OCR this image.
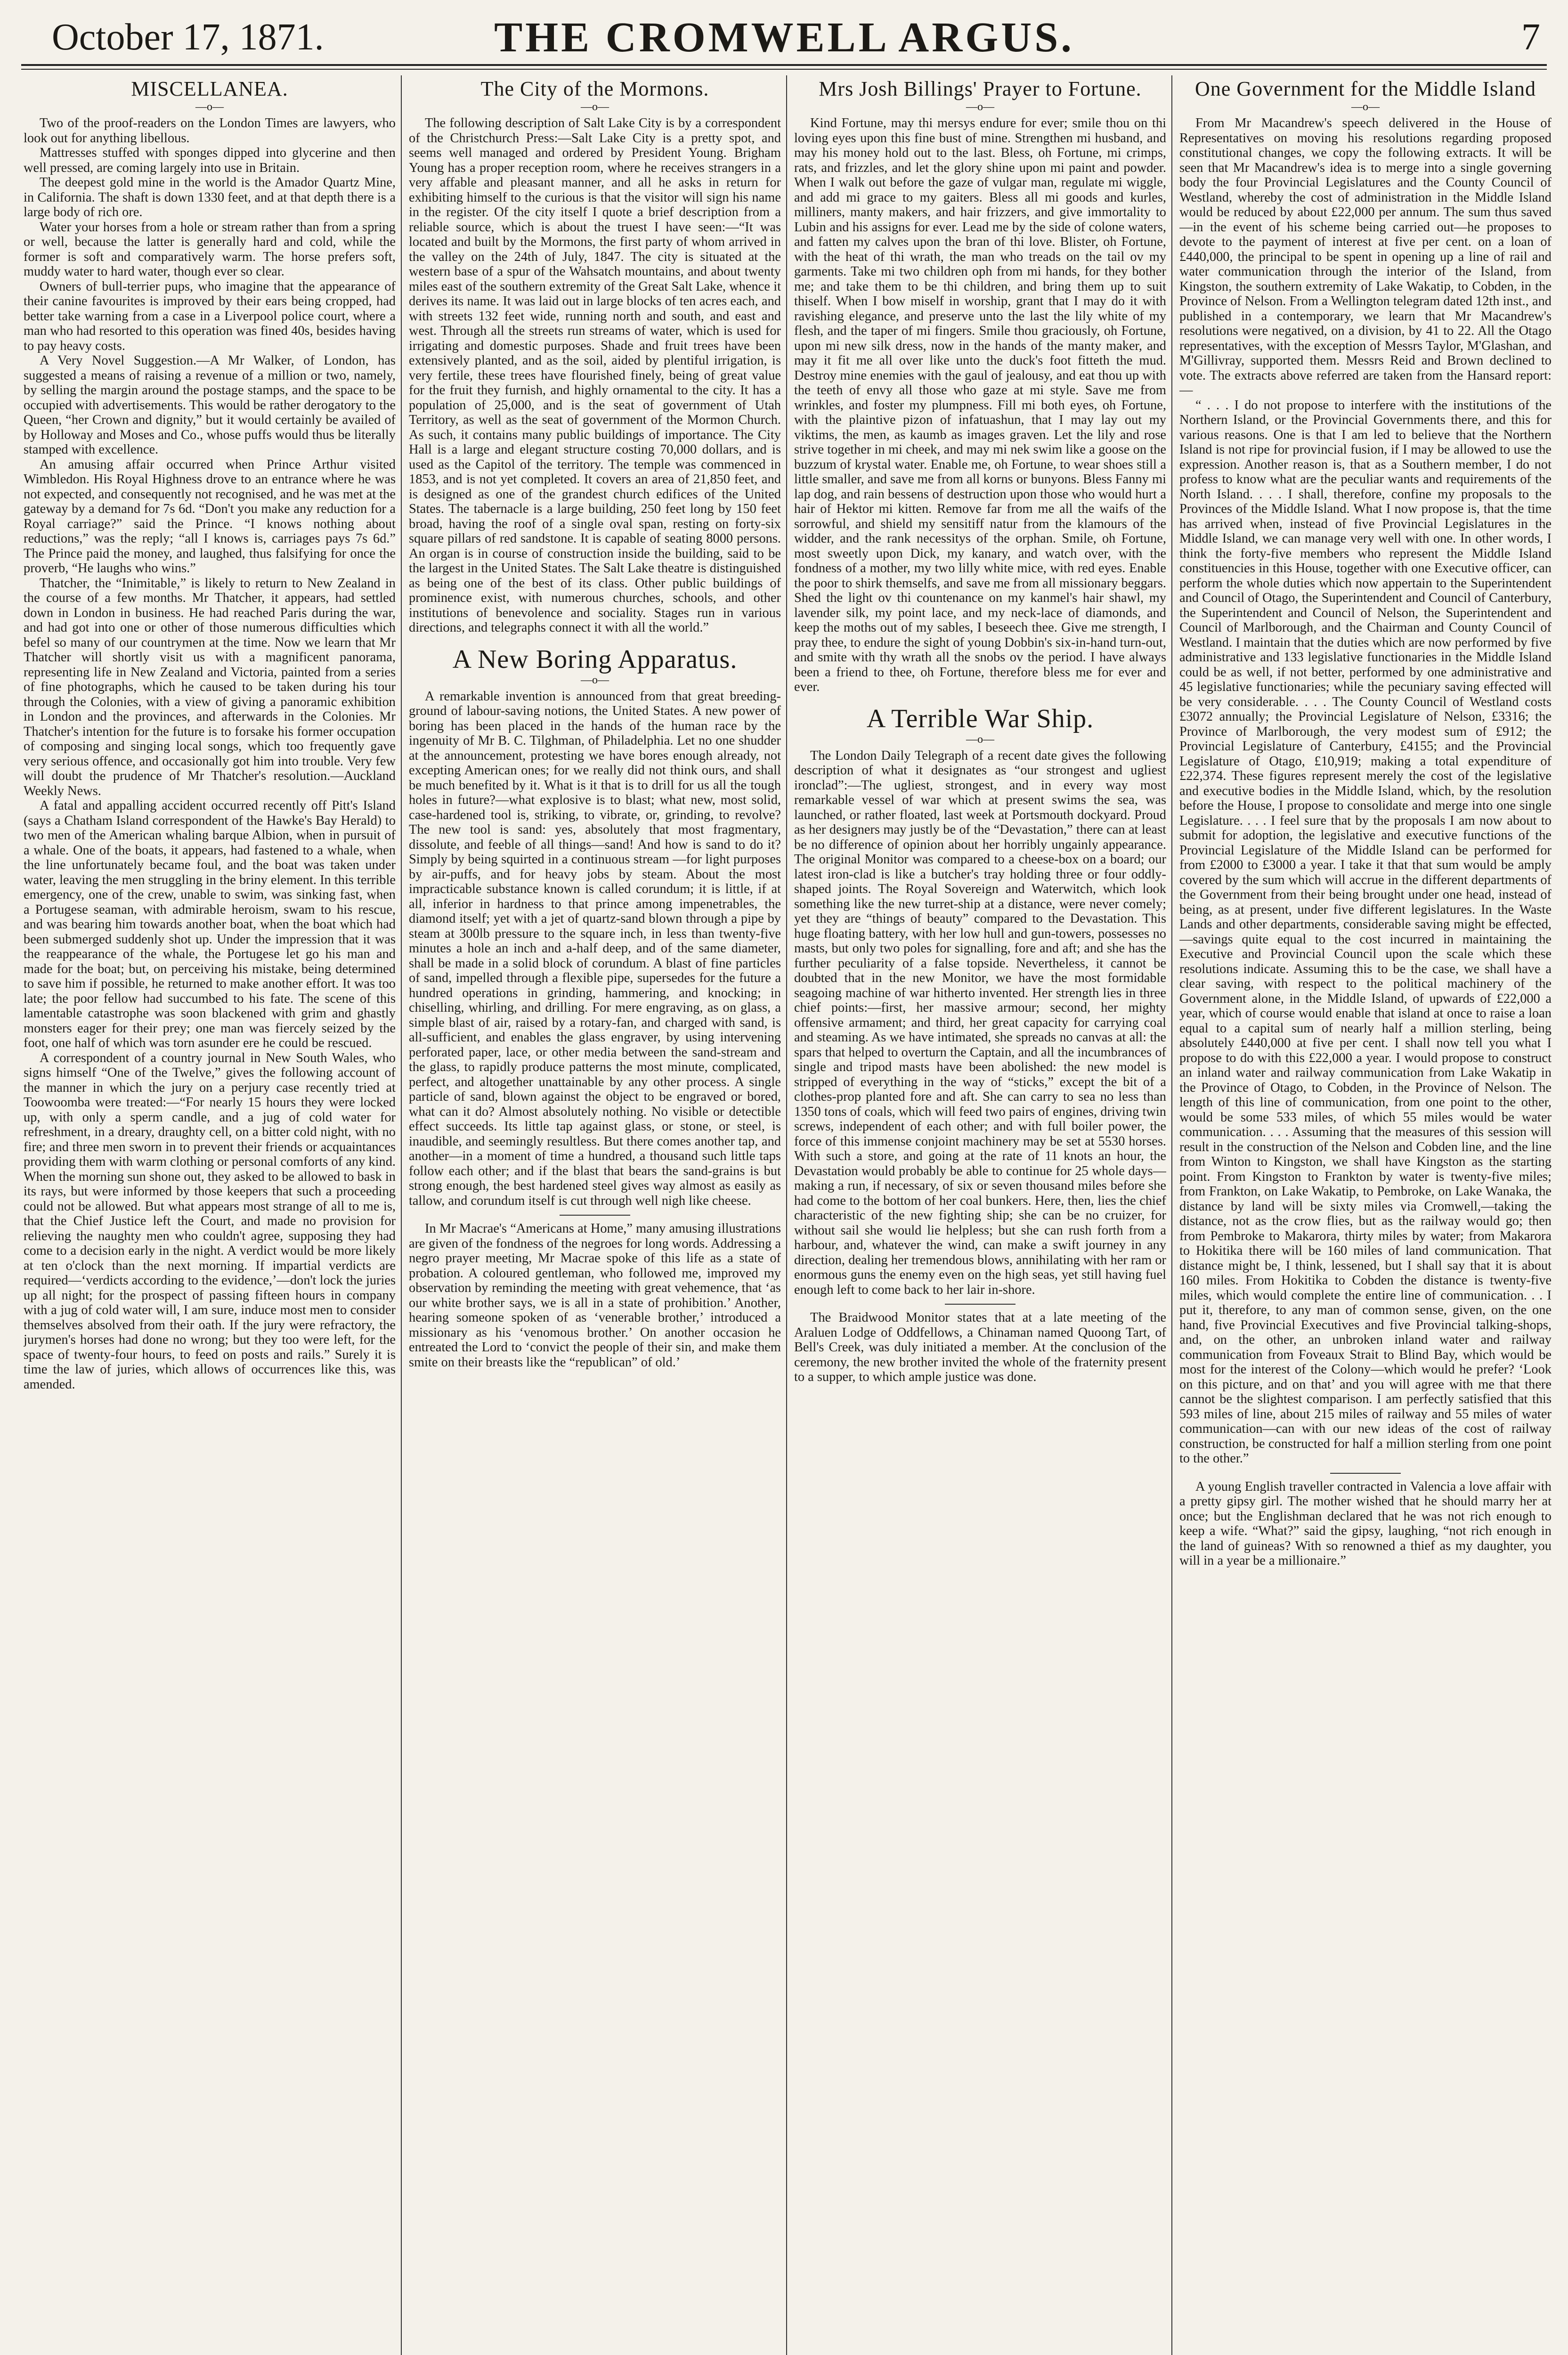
October 17, 1871.	THE CROMWELL ARGUS.	7
MISCELLANEA.
—o—

Two of the proof-readers on the London Times are lawyers, who look out for anything libellous.

Mattresses stuffed with sponges dipped into glycerine and then well pressed, are coming largely into use in Britain.

The deepest gold mine in the world is the Amador Quartz Mine, in California. The shaft is down 1330 feet, and at that depth there is a large body of rich ore.

Water your horses from a hole or stream rather than from a spring or well, because the latter is generally hard and cold, while the former is soft and comparatively warm. The horse prefers soft, muddy water to hard water, though ever so clear.

Owners of bull-terrier pups, who imagine that the appearance of their canine favourites is improved by their ears being cropped, had better take warning from a case in a Liverpool police court, where a man who had resorted to this operation was fined 40s, besides having to pay heavy costs.

A Very Novel Suggestion.—A Mr Walker, of London, has suggested a means of raising a revenue of a million or two, namely, by selling the margin around the postage stamps, and the space to be occupied with advertisements. This would be rather derogatory to the Queen, “her Crown and dignity,” but it would certainly be availed of by Holloway and Moses and Co., whose puffs would thus be literally stamped with excellence.

An amusing affair occurred when Prince Arthur visited Wimbledon. His Royal Highness drove to an entrance where he was not expected, and consequently not recognised, and he was met at the gateway by a demand for 7s 6d. “Don't you make any reduction for a Royal carriage?” said the Prince. “I knows nothing about reductions,” was the reply; “all I knows is, carriages pays 7s 6d.” The Prince paid the money, and laughed, thus falsifying for once the proverb, “He laughs who wins.”

Thatcher, the “Inimitable,” is likely to return to New Zealand in the course of a few months. Mr Thatcher, it appears, had settled down in London in business. He had reached Paris during the war, and had got into one or other of those numerous difficulties which befel so many of our countrymen at the time. Now we learn that Mr Thatcher will shortly visit us with a magnificent panorama, representing life in New Zealand and Victoria, painted from a series of fine photographs, which he caused to be taken during his tour through the Colonies, with a view of giving a panoramic exhibition in London and the provinces, and afterwards in the Colonies. Mr Thatcher's intention for the future is to forsake his former occupation of composing and singing local songs, which too frequently gave very serious offence, and occasionally got him into trouble. Very few will doubt the prudence of Mr Thatcher's resolution.—Auckland Weekly News.

A fatal and appalling accident occurred recently off Pitt's Island (says a Chatham Island correspondent of the Hawke's Bay Herald) to two men of the American whaling barque Albion, when in pursuit of a whale. One of the boats, it appears, had fastened to a whale, when the line unfortunately became foul, and the boat was taken under water, leaving the men struggling in the briny element. In this terrible emergency, one of the crew, unable to swim, was sinking fast, when a Portugese seaman, with admirable heroism, swam to his rescue, and was bearing him towards another boat, when the boat which had been submerged suddenly shot up. Under the impression that it was the reappearance of the whale, the Portugese let go his man and made for the boat; but, on perceiving his mistake, being determined to save him if possible, he returned to make another effort. It was too late; the poor fellow had succumbed to his fate. The scene of this lamentable catastrophe was soon blackened with grim and ghastly monsters eager for their prey; one man was fiercely seized by the foot, one half of which was torn asunder ere he could be rescued.

A correspondent of a country journal in New South Wales, who signs himself “One of the Twelve,” gives the following account of the manner in which the jury on a perjury case recently tried at Toowoomba were treated:—“For nearly 15 hours they were locked up, with only a sperm candle, and a jug of cold water for refreshment, in a dreary, draughty cell, on a bitter cold night, with no fire; and three men sworn in to prevent their friends or acquaintances providing them with warm clothing or personal comforts of any kind. When the morning sun shone out, they asked to be allowed to bask in its rays, but were informed by those keepers that such a proceeding could not be allowed. But what appears most strange of all to me is, that the Chief Justice left the Court, and made no provision for relieving the naughty men who couldn't agree, supposing they had come to a decision early in the night. A verdict would be more likely at ten o'clock than the next morning. If impartial verdicts are required—‘verdicts according to the evidence,’—don't lock the juries up all night; for the prospect of passing fifteen hours in company with a jug of cold water will, I am sure, induce most men to consider themselves absolved from their oath. If the jury were refractory, the jurymen's horses had done no wrong; but they too were left, for the space of twenty-four hours, to feed on posts and rails.” Surely it is time the law of juries, which allows of occurrences like this, was amended.

The City of the Mormons.
—o—

The following description of Salt Lake City is by a correspondent of the Christchurch Press:—Salt Lake City is a pretty spot, and seems well managed and ordered by President Young. Brigham Young has a proper reception room, where he receives strangers in a very affable and pleasant manner, and all he asks in return for exhibiting himself to the curious is that the visitor will sign his name in the register. Of the city itself I quote a brief description from a reliable source, which is about the truest I have seen:—“It was located and built by the Mormons, the first party of whom arrived in the valley on the 24th of July, 1847. The city is situated at the western base of a spur of the Wahsatch mountains, and about twenty miles east of the southern extremity of the Great Salt Lake, whence it derives its name. It was laid out in large blocks of ten acres each, and with streets 132 feet wide, running north and south, and east and west. Through all the streets run streams of water, which is used for irrigating and domestic purposes. Shade and fruit trees have been extensively planted, and as the soil, aided by plentiful irrigation, is very fertile, these trees have flourished finely, being of great value for the fruit they furnish, and highly ornamental to the city. It has a population of 25,000, and is the seat of government of Utah Territory, as well as the seat of government of the Mormon Church. As such, it contains many public buildings of importance. The City Hall is a large and elegant structure costing 70,000 dollars, and is used as the Capitol of the territory. The temple was commenced in 1853, and is not yet completed. It covers an area of 21,850 feet, and is designed as one of the grandest church edifices of the United States. The tabernacle is a large building, 250 feet long by 150 feet broad, having the roof of a single oval span, resting on forty-six square pillars of red sandstone. It is capable of seating 8000 persons. An organ is in course of construction inside the building, said to be the largest in the United States. The Salt Lake theatre is distinguished as being one of the best of its class. Other public buildings of prominence exist, with numerous churches, schools, and other institutions of benevolence and sociality. Stages run in various directions, and telegraphs connect it with all the world.”

A New Boring Apparatus.
—o—

A remarkable invention is announced from that great breeding-ground of labour-saving notions, the United States. A new power of boring has been placed in the hands of the human race by the ingenuity of Mr B. C. Tilghman, of Philadelphia. Let no one shudder at the announcement, protesting we have bores enough already, not excepting American ones; for we really did not think ours, and shall be much benefited by it. What is it that is to drill for us all the tough holes in future?—what explosive is to blast; what new, most solid, case-hardened tool is, striking, to vibrate, or, grinding, to revolve? The new tool is sand: yes, absolutely that most fragmentary, dissolute, and feeble of all things—sand! And how is sand to do it? Simply by being squirted in a continuous stream —for light purposes by air-puffs, and for heavy jobs by steam. About the most impracticable substance known is called corundum; it is little, if at all, inferior in hardness to that prince among impenetrables, the diamond itself; yet with a jet of quartz-sand blown through a pipe by steam at 300lb pressure to the square inch, in less than twenty-five minutes a hole an inch and a-half deep, and of the same diameter, shall be made in a solid block of corundum. A blast of fine particles of sand, impelled through a flexible pipe, supersedes for the future a hundred operations in grinding, hammering, and knocking; in chiselling, whirling, and drilling. For mere engraving, as on glass, a simple blast of air, raised by a rotary-fan, and charged with sand, is all-sufficient, and enables the glass engraver, by using intervening perforated paper, lace, or other media between the sand-stream and the glass, to rapidly produce patterns the most minute, complicated, perfect, and altogether unattainable by any other process. A single particle of sand, blown against the object to be engraved or bored, what can it do? Almost absolutely nothing. No visible or detectible effect succeeds. Its little tap against glass, or stone, or steel, is inaudible, and seemingly resultless. But there comes another tap, and another—in a moment of time a hundred, a thousand such little taps follow each other; and if the blast that bears the sand-grains is but strong enough, the best hardened steel gives way almost as easily as tallow, and corundum itself is cut through well nigh like cheese.

In Mr Macrae's “Americans at Home,” many amusing illustrations are given of the fondness of the negroes for long words. Addressing a negro prayer meeting, Mr Macrae spoke of this life as a state of probation. A coloured gentleman, who followed me, improved my observation by reminding the meeting with great vehemence, that ‘as our white brother says, we is all in a state of prohibition.’ Another, hearing someone spoken of as ‘venerable brother,’ introduced a missionary as his ‘venomous brother.’ On another occasion he entreated the Lord to ‘convict the people of their sin, and make them smite on their breasts like the “republican” of old.’

Mrs Josh Billings' Prayer to Fortune.
—o—

Kind Fortune, may thi mersys endure for ever; smile thou on thi loving eyes upon this fine bust of mine. Strengthen mi husband, and may his money hold out to the last. Bless, oh Fortune, mi crimps, rats, and frizzles, and let the glory shine upon mi paint and powder. When I walk out before the gaze of vulgar man, regulate mi wiggle, and add mi grace to my gaiters. Bless all mi goods and kurles, milliners, manty makers, and hair frizzers, and give immortality to Lubin and his assigns for ever. Lead me by the side of colone waters, and fatten my calves upon the bran of thi love. Blister, oh Fortune, with the heat of thi wrath, the man who treads on the tail ov my garments. Take mi two children oph from mi hands, for they bother me; and take them to be thi children, and bring them up to suit thiself. When I bow miself in worship, grant that I may do it with ravishing elegance, and preserve unto the last the lily white of my flesh, and the taper of mi fingers. Smile thou graciously, oh Fortune, upon mi new silk dress, now in the hands of the manty maker, and may it fit me all over like unto the duck's foot fitteth the mud. Destroy mine enemies with the gaul of jealousy, and eat thou up with the teeth of envy all those who gaze at mi style. Save me from wrinkles, and foster my plumpness. Fill mi both eyes, oh Fortune, with the plaintive pizon of infatuashun, that I may lay out my viktims, the men, as kaumb as images graven. Let the lily and rose strive together in mi cheek, and may mi nek swim like a goose on the buzzum of krystal water. Enable me, oh Fortune, to wear shoes still a little smaller, and save me from all korns or bunyons. Bless Fanny mi lap dog, and rain bessens of destruction upon those who would hurt a hair of Hektor mi kitten. Remove far from me all the waifs of the sorrowful, and shield my sensitiff natur from the klamours of the widder, and the rank necessitys of the orphan. Smile, oh Fortune, most sweetly upon Dick, my kanary, and watch over, with the fondness of a mother, my two lilly white mice, with red eyes. Enable the poor to shirk themselfs, and save me from all missionary beggars. Shed the light ov thi countenance on my kanmel's hair shawl, my lavender silk, my point lace, and my neck-lace of diamonds, and keep the moths out of my sables, I beseech thee. Give me strength, I pray thee, to endure the sight of young Dobbin's six-in-hand turn-out, and smite with thy wrath all the snobs ov the period. I have always been a friend to thee, oh Fortune, therefore bless me for ever and ever.

A Terrible War Ship.
—o—

The London Daily Telegraph of a recent date gives the following description of what it designates as “our strongest and ugliest ironclad”:—The ugliest, strongest, and in every way most remarkable vessel of war which at present swims the sea, was launched, or rather floated, last week at Portsmouth dockyard. Proud as her designers may justly be of the “Devastation,” there can at least be no difference of opinion about her horribly ungainly appearance. The original Monitor was compared to a cheese-box on a board; our latest iron-clad is like a butcher's tray holding three or four oddly-shaped joints. The Royal Sovereign and Waterwitch, which look something like the new turret-ship at a distance, were never comely; yet they are “things of beauty” compared to the Devastation. This huge floating battery, with her low hull and gun-towers, possesses no masts, but only two poles for signalling, fore and aft; and she has the further peculiarity of a false topside. Nevertheless, it cannot be doubted that in the new Monitor, we have the most formidable seagoing machine of war hitherto invented. Her strength lies in three chief points:—first, her massive armour; second, her mighty offensive armament; and third, her great capacity for carrying coal and steaming. As we have intimated, she spreads no canvas at all: the spars that helped to overturn the Captain, and all the incumbrances of single and tripod masts have been abolished: the new model is stripped of everything in the way of “sticks,” except the bit of a clothes-prop planted fore and aft. She can carry to sea no less than 1350 tons of coals, which will feed two pairs of engines, driving twin screws, independent of each other; and with full boiler power, the force of this immense conjoint machinery may be set at 5530 horses. With such a store, and going at the rate of 11 knots an hour, the Devastation would probably be able to continue for 25 whole days—making a run, if necessary, of six or seven thousand miles before she had come to the bottom of her coal bunkers. Here, then, lies the chief characteristic of the new fighting ship; she can be no cruizer, for without sail she would lie helpless; but she can rush forth from a harbour, and, whatever the wind, can make a swift journey in any direction, dealing her tremendous blows, annihilating with her ram or enormous guns the enemy even on the high seas, yet still having fuel enough left to come back to her lair in-shore.

The Braidwood Monitor states that at a late meeting of the Araluen Lodge of Oddfellows, a Chinaman named Quoong Tart, of Bell's Creek, was duly initiated a member. At the conclusion of the ceremony, the new brother invited the whole of the fraternity present to a supper, to which ample justice was done.

One Government for the Middle Island
—o—

From Mr Macandrew's speech delivered in the House of Representatives on moving his resolutions regarding proposed constitutional changes, we copy the following extracts. It will be seen that Mr Macandrew's idea is to merge into a single governing body the four Provincial Legislatures and the County Council of Westland, whereby the cost of administration in the Middle Island would be reduced by about £22,000 per annum. The sum thus saved—in the event of his scheme being carried out—he proposes to devote to the payment of interest at five per cent. on a loan of £440,000, the principal to be spent in opening up a line of rail and water communication through the interior of the Island, from Kingston, the southern extremity of Lake Wakatip, to Cobden, in the Province of Nelson. From a Wellington telegram dated 12th inst., and published in a contemporary, we learn that Mr Macandrew's resolutions were negatived, on a division, by 41 to 22. All the Otago representatives, with the exception of Messrs Taylor, M'Glashan, and M'Gillivray, supported them. Messrs Reid and Brown declined to vote. The extracts above referred are taken from the Hansard report:—

“ . . . I do not propose to interfere with the institutions of the Northern Island, or the Provincial Governments there, and this for various reasons. One is that I am led to believe that the Northern Island is not ripe for provincial fusion, if I may be allowed to use the expression. Another reason is, that as a Southern member, I do not profess to know what are the peculiar wants and requirements of the North Island. . . . I shall, therefore, confine my proposals to the Provinces of the Middle Island. What I now propose is, that the time has arrived when, instead of five Provincial Legislatures in the Middle Island, we can manage very well with one. In other words, I think the forty-five members who represent the Middle Island constituencies in this House, together with one Executive officer, can perform the whole duties which now appertain to the Superintendent and Council of Otago, the Superintendent and Council of Canterbury, the Superintendent and Council of Nelson, the Superintendent and Council of Marlborough, and the Chairman and County Council of Westland. I maintain that the duties which are now performed by five administrative and 133 legislative functionaries in the Middle Island could be as well, if not better, performed by one administrative and 45 legislative functionaries; while the pecuniary saving effected will be very considerable. . . . The County Council of Westland costs £3072 annually; the Provincial Legislature of Nelson, £3316; the Province of Marlborough, the very modest sum of £912; the Provincial Legislature of Canterbury, £4155; and the Provincial Legislature of Otago, £10,919; making a total expenditure of £22,374. These figures represent merely the cost of the legislative and executive bodies in the Middle Island, which, by the resolution before the House, I propose to consolidate and merge into one single Legislature. . . . I feel sure that by the proposals I am now about to submit for adoption, the legislative and executive functions of the Provincial Legislature of the Middle Island can be performed for from £2000 to £3000 a year. I take it that that sum would be amply covered by the sum which will accrue in the different departments of the Government from their being brought under one head, instead of being, as at present, under five different legislatures. In the Waste Lands and other departments, considerable saving might be effected,—savings quite equal to the cost incurred in maintaining the Executive and Provincial Council upon the scale which these resolutions indicate. Assuming this to be the case, we shall have a clear saving, with respect to the political machinery of the Government alone, in the Middle Island, of upwards of £22,000 a year, which of course would enable that island at once to raise a loan equal to a capital sum of nearly half a million sterling, being absolutely £440,000 at five per cent. I shall now tell you what I propose to do with this £22,000 a year. I would propose to construct an inland water and railway communication from Lake Wakatip in the Province of Otago, to Cobden, in the Province of Nelson. The length of this line of communication, from one point to the other, would be some 533 miles, of which 55 miles would be water communication. . . . Assuming that the measures of this session will result in the construction of the Nelson and Cobden line, and the line from Winton to Kingston, we shall have Kingston as the starting point. From Kingston to Frankton by water is twenty-five miles; from Frankton, on Lake Wakatip, to Pembroke, on Lake Wanaka, the distance by land will be sixty miles via Cromwell,—taking the distance, not as the crow flies, but as the railway would go; then from Pembroke to Makarora, thirty miles by water; from Makarora to Hokitika there will be 160 miles of land communication. That distance might be, I think, lessened, but I shall say that it is about 160 miles. From Hokitika to Cobden the distance is twenty-five miles, which would complete the entire line of communication. . . I put it, therefore, to any man of common sense, given, on the one hand, five Provincial Executives and five Provincial talking-shops, and, on the other, an unbroken inland water and railway communication from Foveaux Strait to Blind Bay, which would be most for the interest of the Colony—which would he prefer? ‘Look on this picture, and on that’ and you will agree with me that there cannot be the slightest comparison. I am perfectly satisfied that this 593 miles of line, about 215 miles of railway and 55 miles of water communication—can with our new ideas of the cost of railway construction, be constructed for half a million sterling from one point to the other.”

A young English traveller contracted in Valencia a love affair with a pretty gipsy girl. The mother wished that he should marry her at once; but the Englishman declared that he was not rich enough to keep a wife. “What?” said the gipsy, laughing, “not rich enough in the land of guineas? With so renowned a thief as my daughter, you will in a year be a millionaire.”
